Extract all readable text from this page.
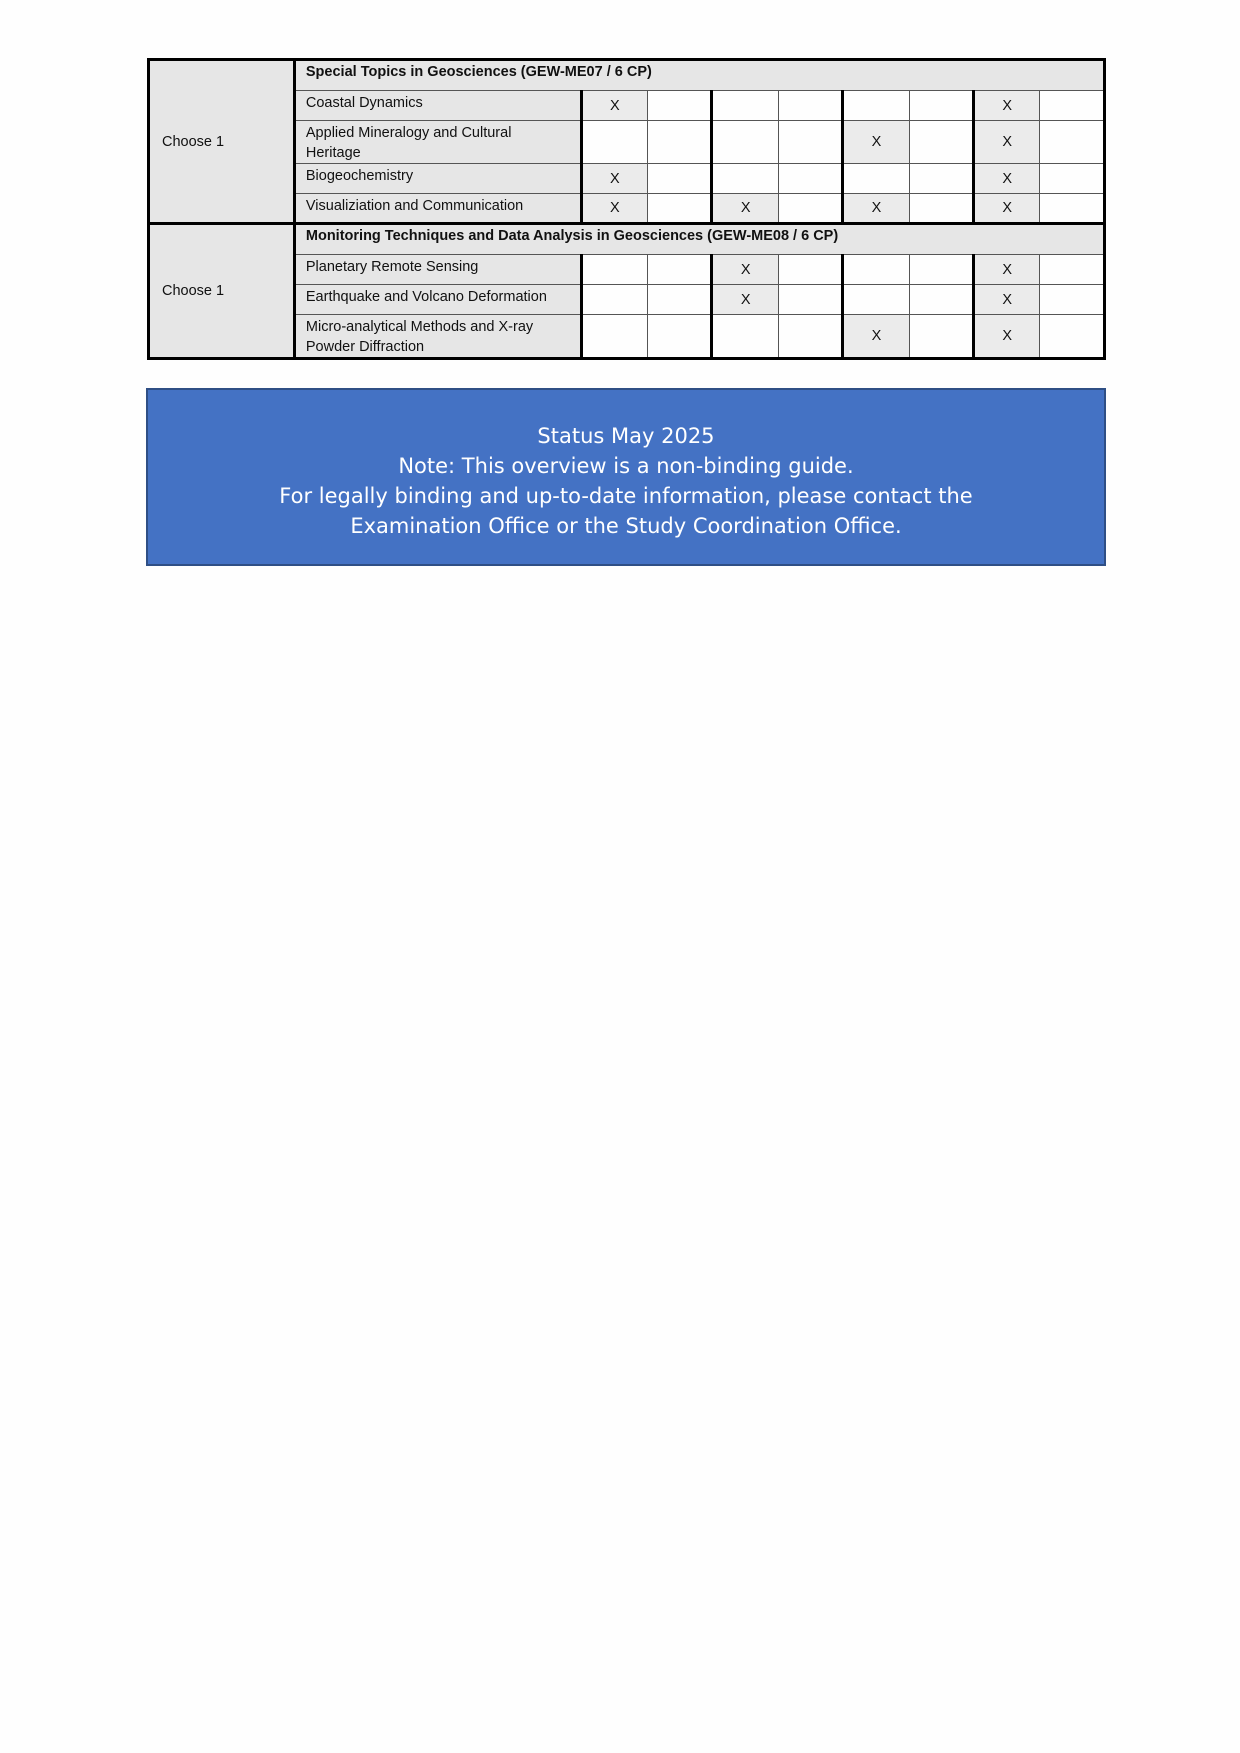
Choose 1	Special Topics in Geosciences (GEW-ME07 / 6 CP)								
	Coastal Dynamics	X						X	
	Applied Mineralogy and Cultural Heritage					X		X	
	Biogeochemistry	X						X	
	Visualiziation and Communication	X		X		X		X	
Choose 1	Monitoring Techniques and Data Analysis in Geosciences (GEW-ME08 / 6 CP)								
	Planetary Remote Sensing			X				X	
	Earthquake and Volcano Deformation			X				X	
	Micro-analytical Methods and X-ray Powder Diffraction					X		X	
Status May 2025
Note: This overview is a non-binding guide.
For legally binding and up-to-date information, please contact the
Examination Office or the Study Coordination Office.
